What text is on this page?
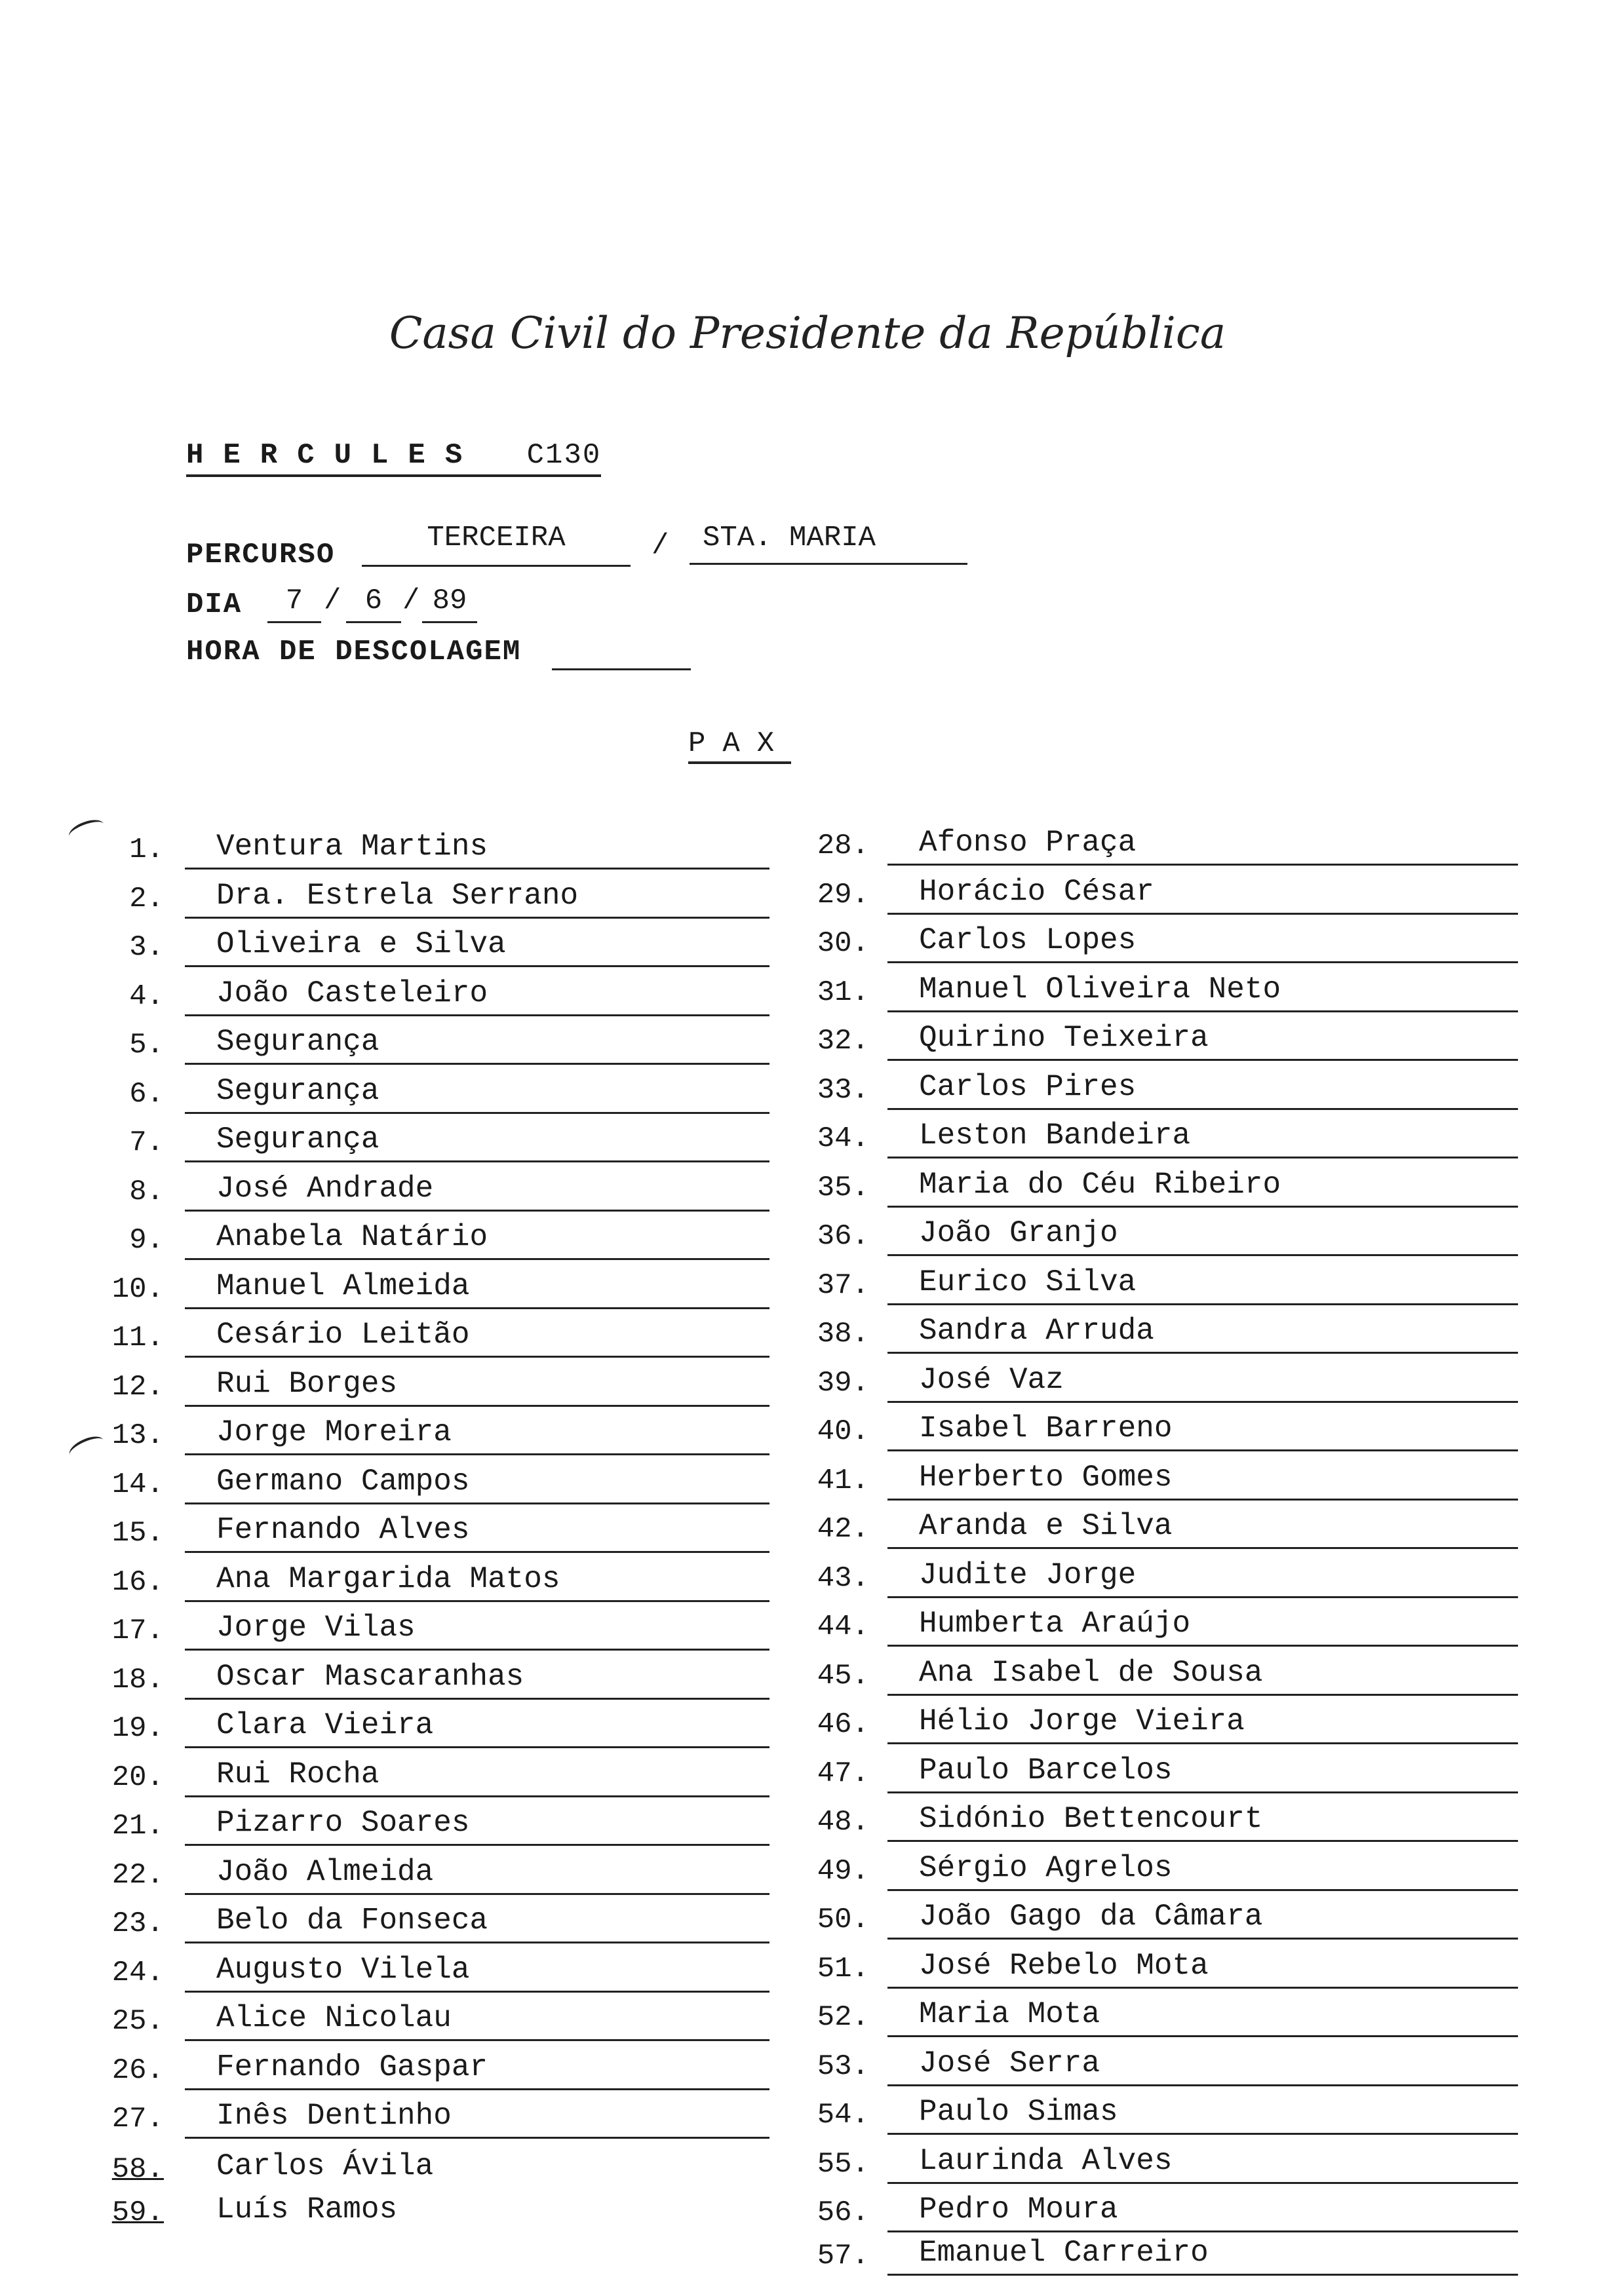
Casa Civil do Presidente da República
HERCULES C130
PERCURSO
TERCEIRA	/	STA. MARIA
DIA	7 / 6 / 89
HORA DE DESCOLAGEM
PAX
1. Ventura Martins
2. Dra. Estrela Serrano
3. Oliveira e Silva
4. João Casteleiro
5. Segurança
6. Segurança
7. Segurança
8. José Andrade
9. Anabela Natário
10. Manuel Almeida
11. Cesário Leitão
12. Rui Borges
13. Jorge Moreira
14. Germano Campos
15. Fernando Alves
16. Ana Margarida Matos
17. Jorge Vilas
18. Oscar Mascaranhas
19. Clara Vieira
20. Rui Rocha
21. Pizarro Soares
22. João Almeida
23. Belo da Fonseca
24. Augusto Vilela
25. Alice Nicolau
26. Fernando Gaspar
27. Inês Dentinho
58. Carlos Ávila
59. Luís Ramos
28. Afonso Praça
29. Horácio César
30. Carlos Lopes
31. Manuel Oliveira Neto
32. Quirino Teixeira
33. Carlos Pires
34. Leston Bandeira
35. Maria do Céu Ribeiro
36. João Granjo
37. Eurico Silva
38. Sandra Arruda
39. José Vaz
40. Isabel Barreno
41. Herberto Gomes
42. Aranda e Silva
43. Judite Jorge
44. Humberta Araújo
45. Ana Isabel de Sousa
46. Hélio Jorge Vieira
47. Paulo Barcelos
48. Sidónio Bettencourt
49. Sérgio Agrelos
50. João Gago da Câmara
51. José Rebelo Mota
52. Maria Mota
53. José Serra
54. Paulo Simas
55. Laurinda Alves
56. Pedro Moura
57. Emanuel Carreiro
